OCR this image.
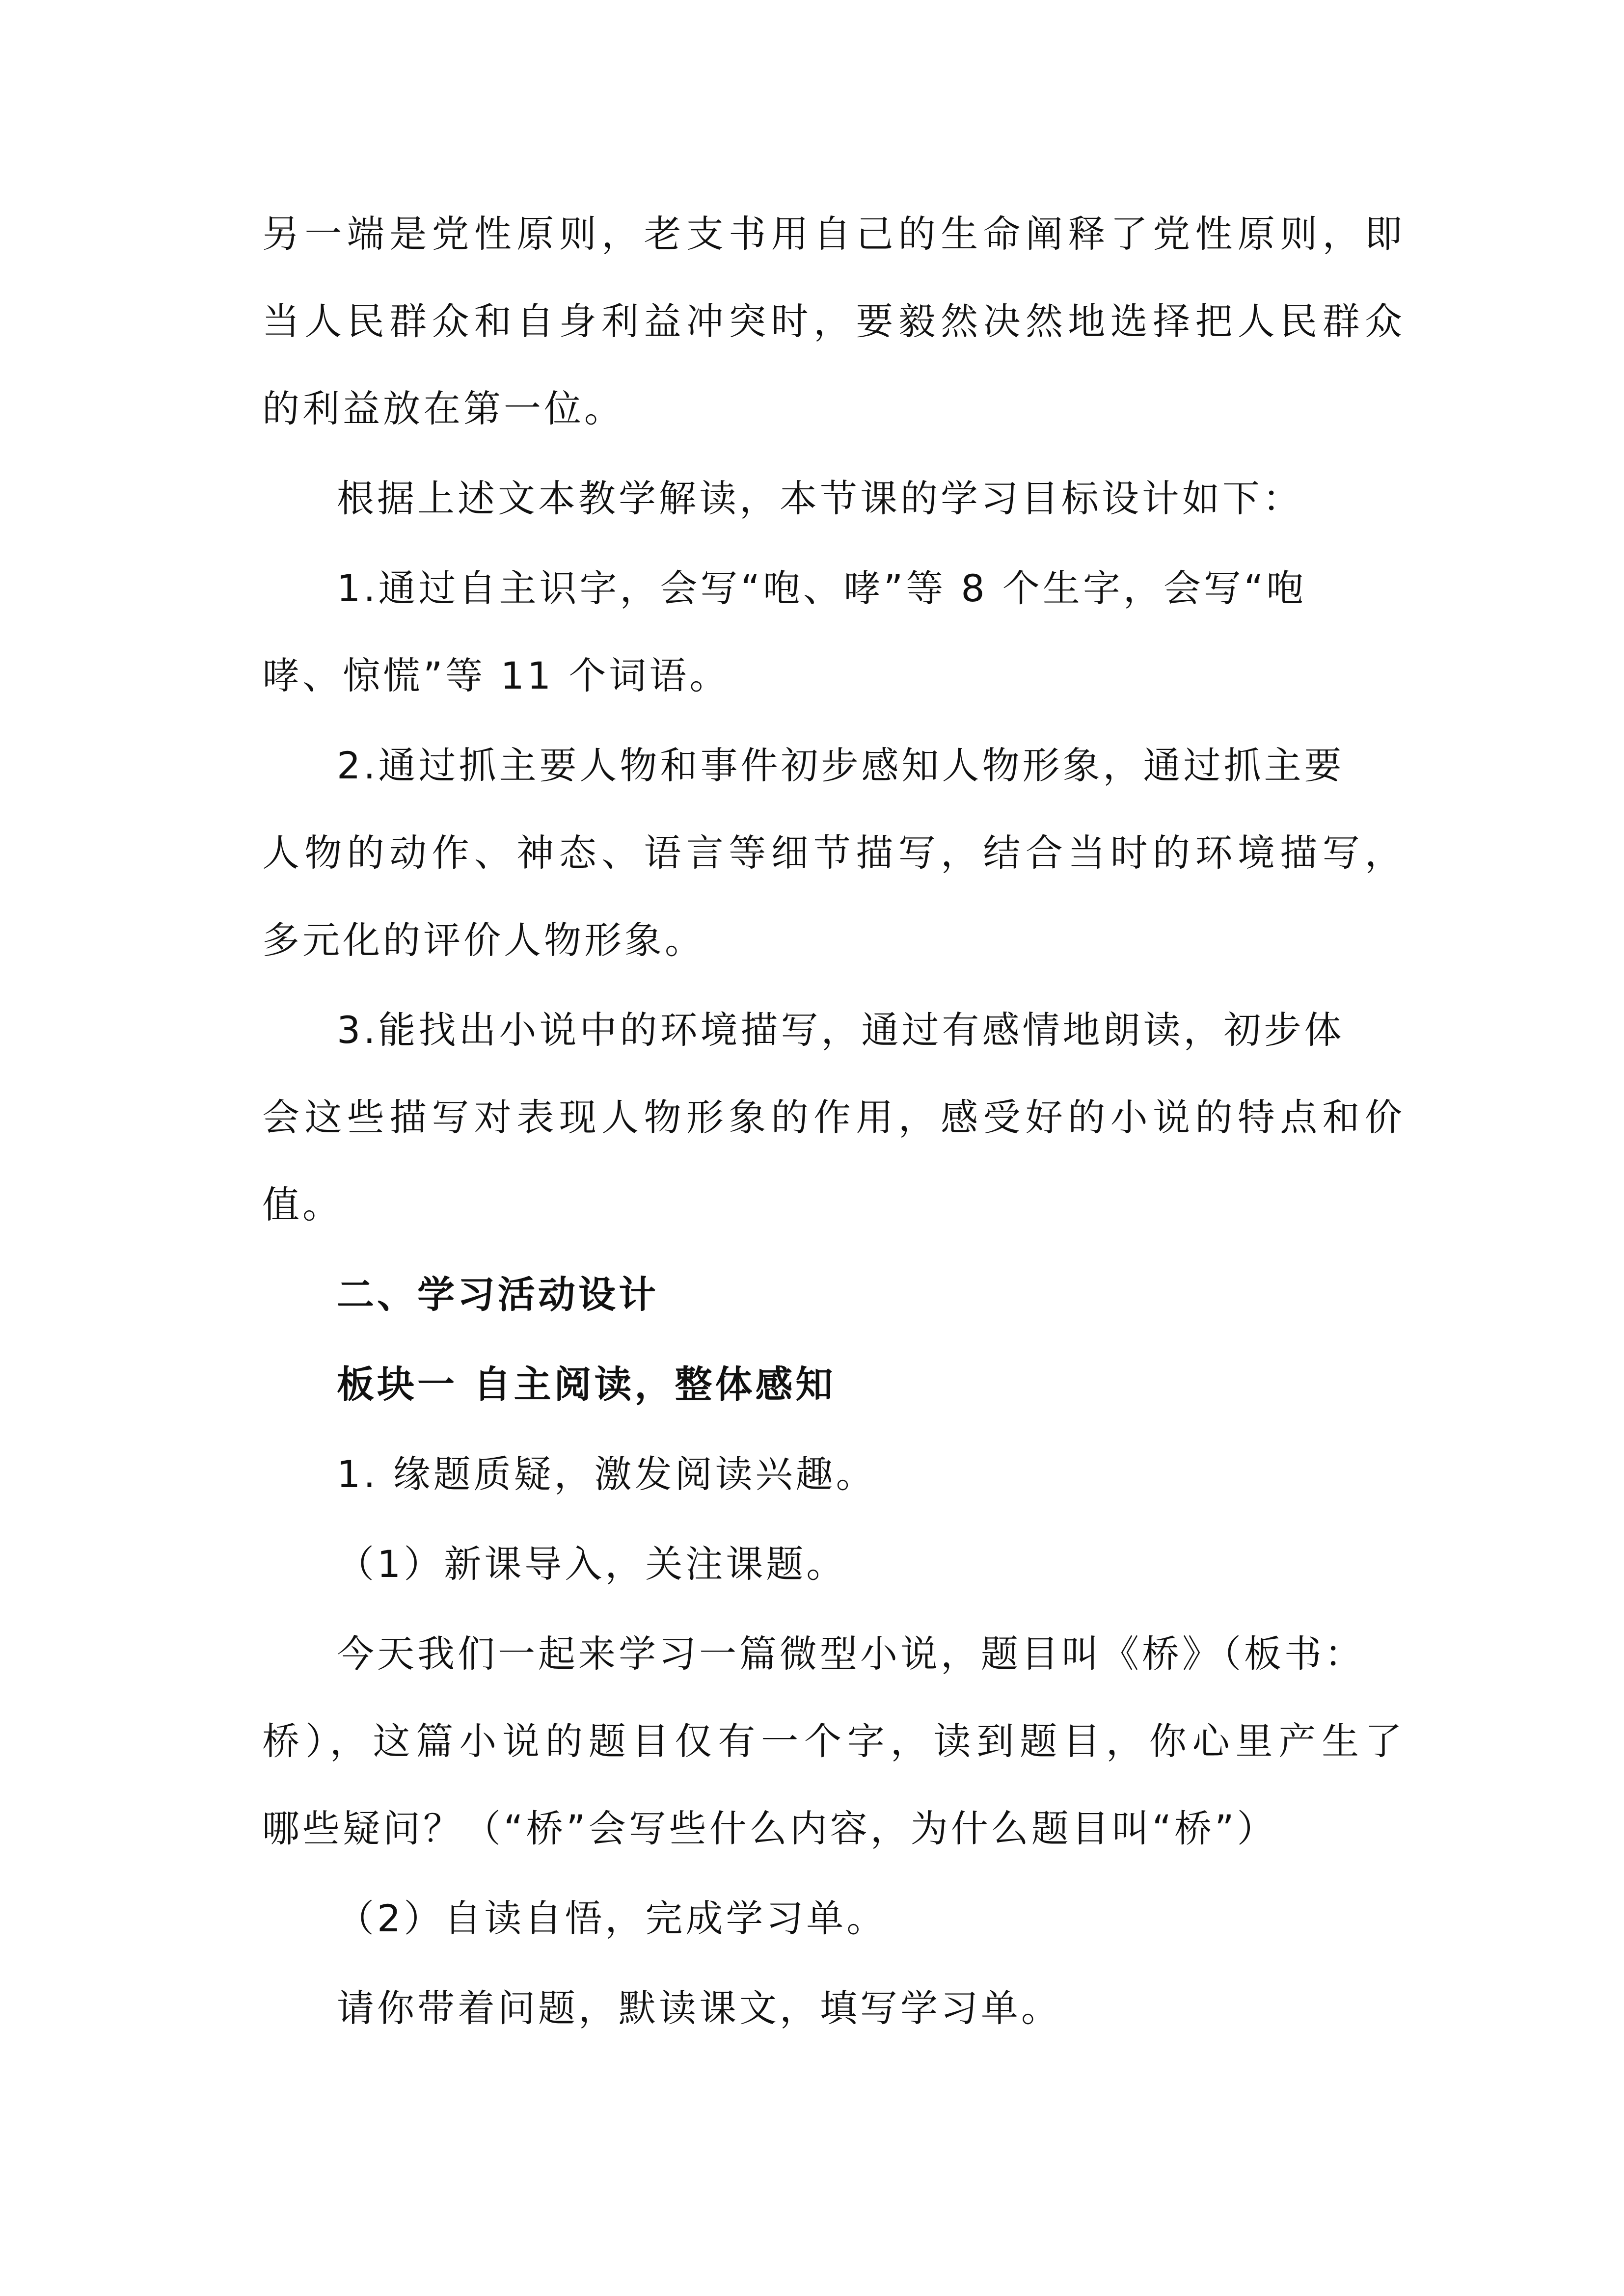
另一端是党性原则，老支书用自己的生命阐释了党性原则，即
当人民群众和自身利益冲突时，要毅然决然地选择把人民群众
的利益放在第一位。
根据上述文本教学解读，本节课的学习目标设计如下：
1.通过自主识字，会写“咆、哮”等 8 个生字，会写“咆
哮、惊慌”等 11 个词语。
2.通过抓主要人物和事件初步感知人物形象，通过抓主要
人物的动作、神态、语言等细节描写，结合当时的环境描写，
多元化的评价人物形象。
3.能找出小说中的环境描写，通过有感情地朗读，初步体
会这些描写对表现人物形象的作用，感受好的小说的特点和价
值。
二、学习活动设计
板块一 自主阅读，整体感知
1. 缘题质疑，激发阅读兴趣。
（1）新课导入，关注课题。
今天我们一起来学习一篇微型小说，题目叫《桥》（板书：
桥），这篇小说的题目仅有一个字，读到题目，你心里产生了
哪些疑问？（“桥”会写些什么内容，为什么题目叫“桥”）
（2）自读自悟，完成学习单。
请你带着问题，默读课文，填写学习单。
